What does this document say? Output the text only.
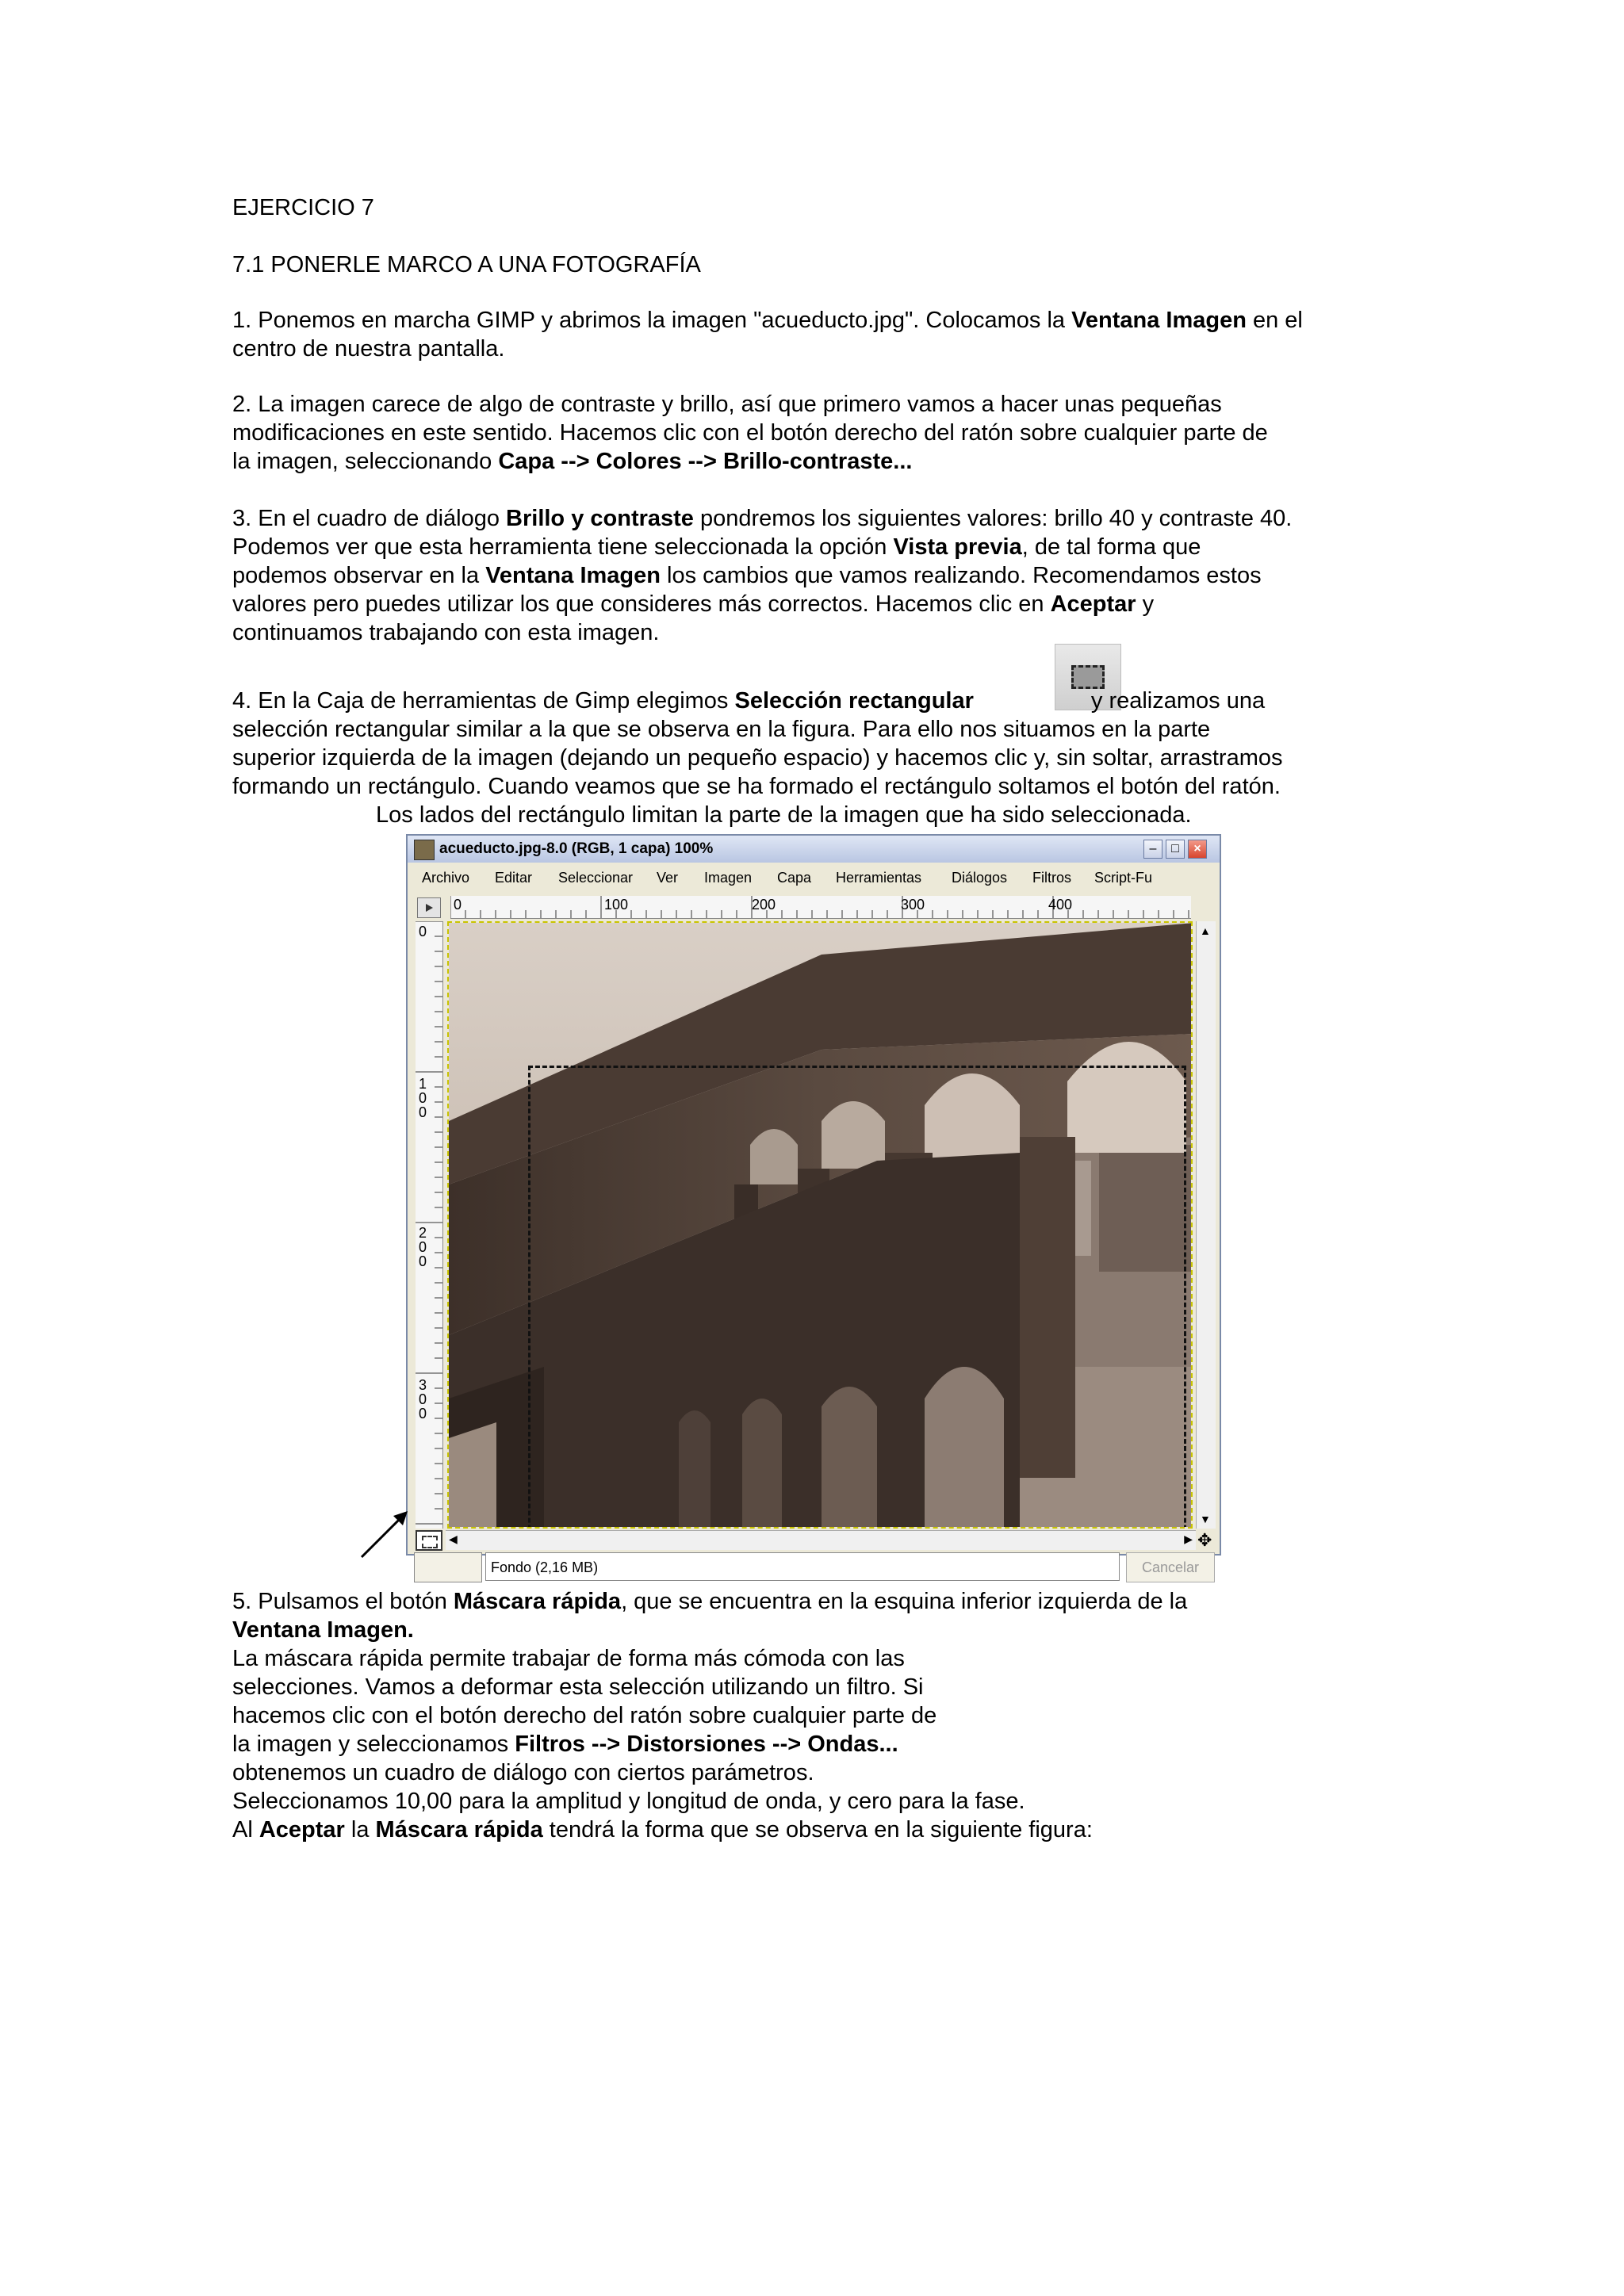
EJERCICIO 7

7.1 PONERLE MARCO A UNA FOTOGRAFÍA

1. Ponemos en marcha GIMP y abrimos la imagen "acueducto.jpg". Colocamos la Ventana Imagen en el
centro de nuestra pantalla.

2. La imagen carece de algo de contraste y brillo, así que primero vamos a hacer unas pequeñas
modificaciones en este sentido. Hacemos clic con el botón derecho del ratón sobre cualquier parte de
la imagen, seleccionando Capa --> Colores --> Brillo-contraste...

3. En el cuadro de diálogo Brillo y contraste pondremos los siguientes valores: brillo 40 y contraste 40.
Podemos ver que esta herramienta tiene seleccionada la opción Vista previa, de tal forma que
podemos observar en la Ventana Imagen los cambios que vamos realizando. Recomendamos estos
valores pero puedes utilizar los que consideres más correctos. Hacemos clic en Aceptar y
continuamos trabajando con esta imagen.

4. En la Caja de herramientas de Gimp elegimos Selección rectangular	y realizamos una
selección rectangular similar a la que se observa en la figura. Para ello nos situamos en la parte
superior izquierda de la imagen (dejando un pequeño espacio) y hacemos clic y, sin soltar, arrastramos
formando un rectángulo. Cuando veamos que se ha formado el rectángulo soltamos el botón del ratón.

Los lados del rectángulo limitan la parte de la imagen que ha sido seleccionada.
acueducto.jpg-8.0 (RGB, 1 capa) 100%	–	□	×
Archivo Editar Seleccionar Ver Imagen Capa Herramientas Diálogos Filtros Script-Fu
0	100	200	300	400
0
1
0
0
2
0
0
3
0
0
▲
▼
◀	▶ ✥
Fondo (2,16 MB)	Cancelar

5. Pulsamos el botón Máscara rápida, que se encuentra en la esquina inferior izquierda de la
Ventana Imagen.
La máscara rápida permite trabajar de forma más cómoda con las
selecciones. Vamos a deformar esta selección utilizando un filtro. Si
hacemos clic con el botón derecho del ratón sobre cualquier parte de
la imagen y seleccionamos Filtros --> Distorsiones --> Ondas...
obtenemos un cuadro de diálogo con ciertos parámetros.
Seleccionamos 10,00 para la amplitud y longitud de onda, y cero para la fase.
Al Aceptar la Máscara rápida tendrá la forma que se observa en la siguiente figura:
